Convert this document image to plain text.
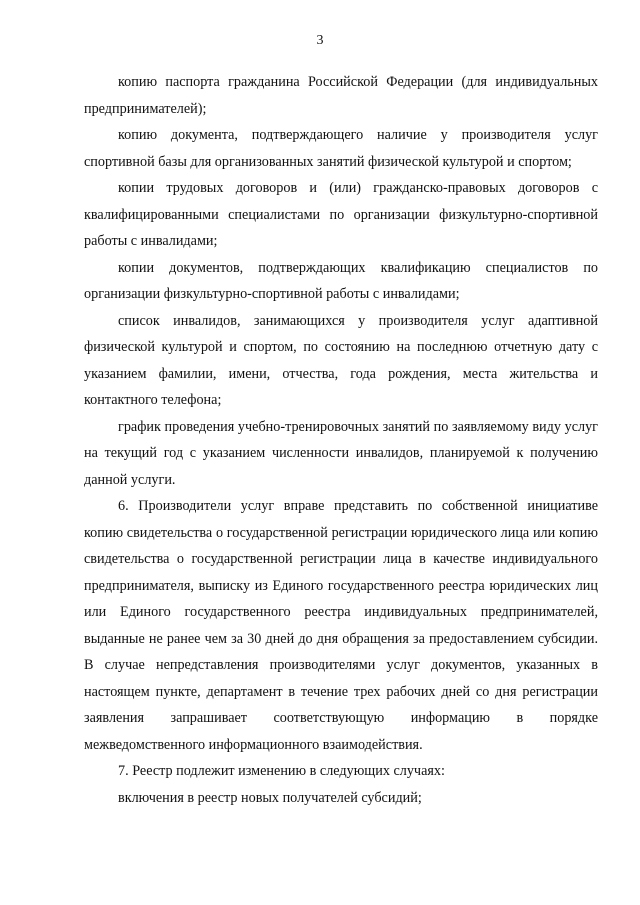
3

копию паспорта гражданина Российской Федерации (для индивидуальных предпринимателей);

копию документа, подтверждающего наличие у производителя услуг спортивной базы для организованных занятий физической культурой и спортом;

копии трудовых договоров и (или) гражданско-правовых договоров с квалифицированными специалистами по организации физкультурно-спортивной работы с инвалидами;

копии документов, подтверждающих квалификацию специалистов по организации физкультурно-спортивной работы с инвалидами;

список инвалидов, занимающихся у производителя услуг адаптивной физической культурой и спортом, по состоянию на последнюю отчетную дату с указанием фамилии, имени, отчества, года рождения, места жительства и контактного телефона;

график проведения учебно-тренировочных занятий по заявляемому виду услуг на текущий год с указанием численности инвалидов, планируемой к получению данной услуги.

6. Производители услуг вправе представить по собственной инициативе копию свидетельства о государственной регистрации юридического лица или копию свидетельства о государственной регистрации лица в качестве индивидуального предпринимателя, выписку из Единого государственного реестра юридических лиц или Единого государственного реестра индивидуальных предпринимателей, выданные не ранее чем за 30 дней до дня обращения за предоставлением субсидии. В случае непредставления производителями услуг документов, указанных в настоящем пункте, департамент в течение трех рабочих дней со дня регистрации заявления запрашивает соответствующую информацию в порядке межведомственного информационного взаимодействия.

7. Реестр подлежит изменению в следующих случаях:

включения в реестр новых получателей субсидий;
